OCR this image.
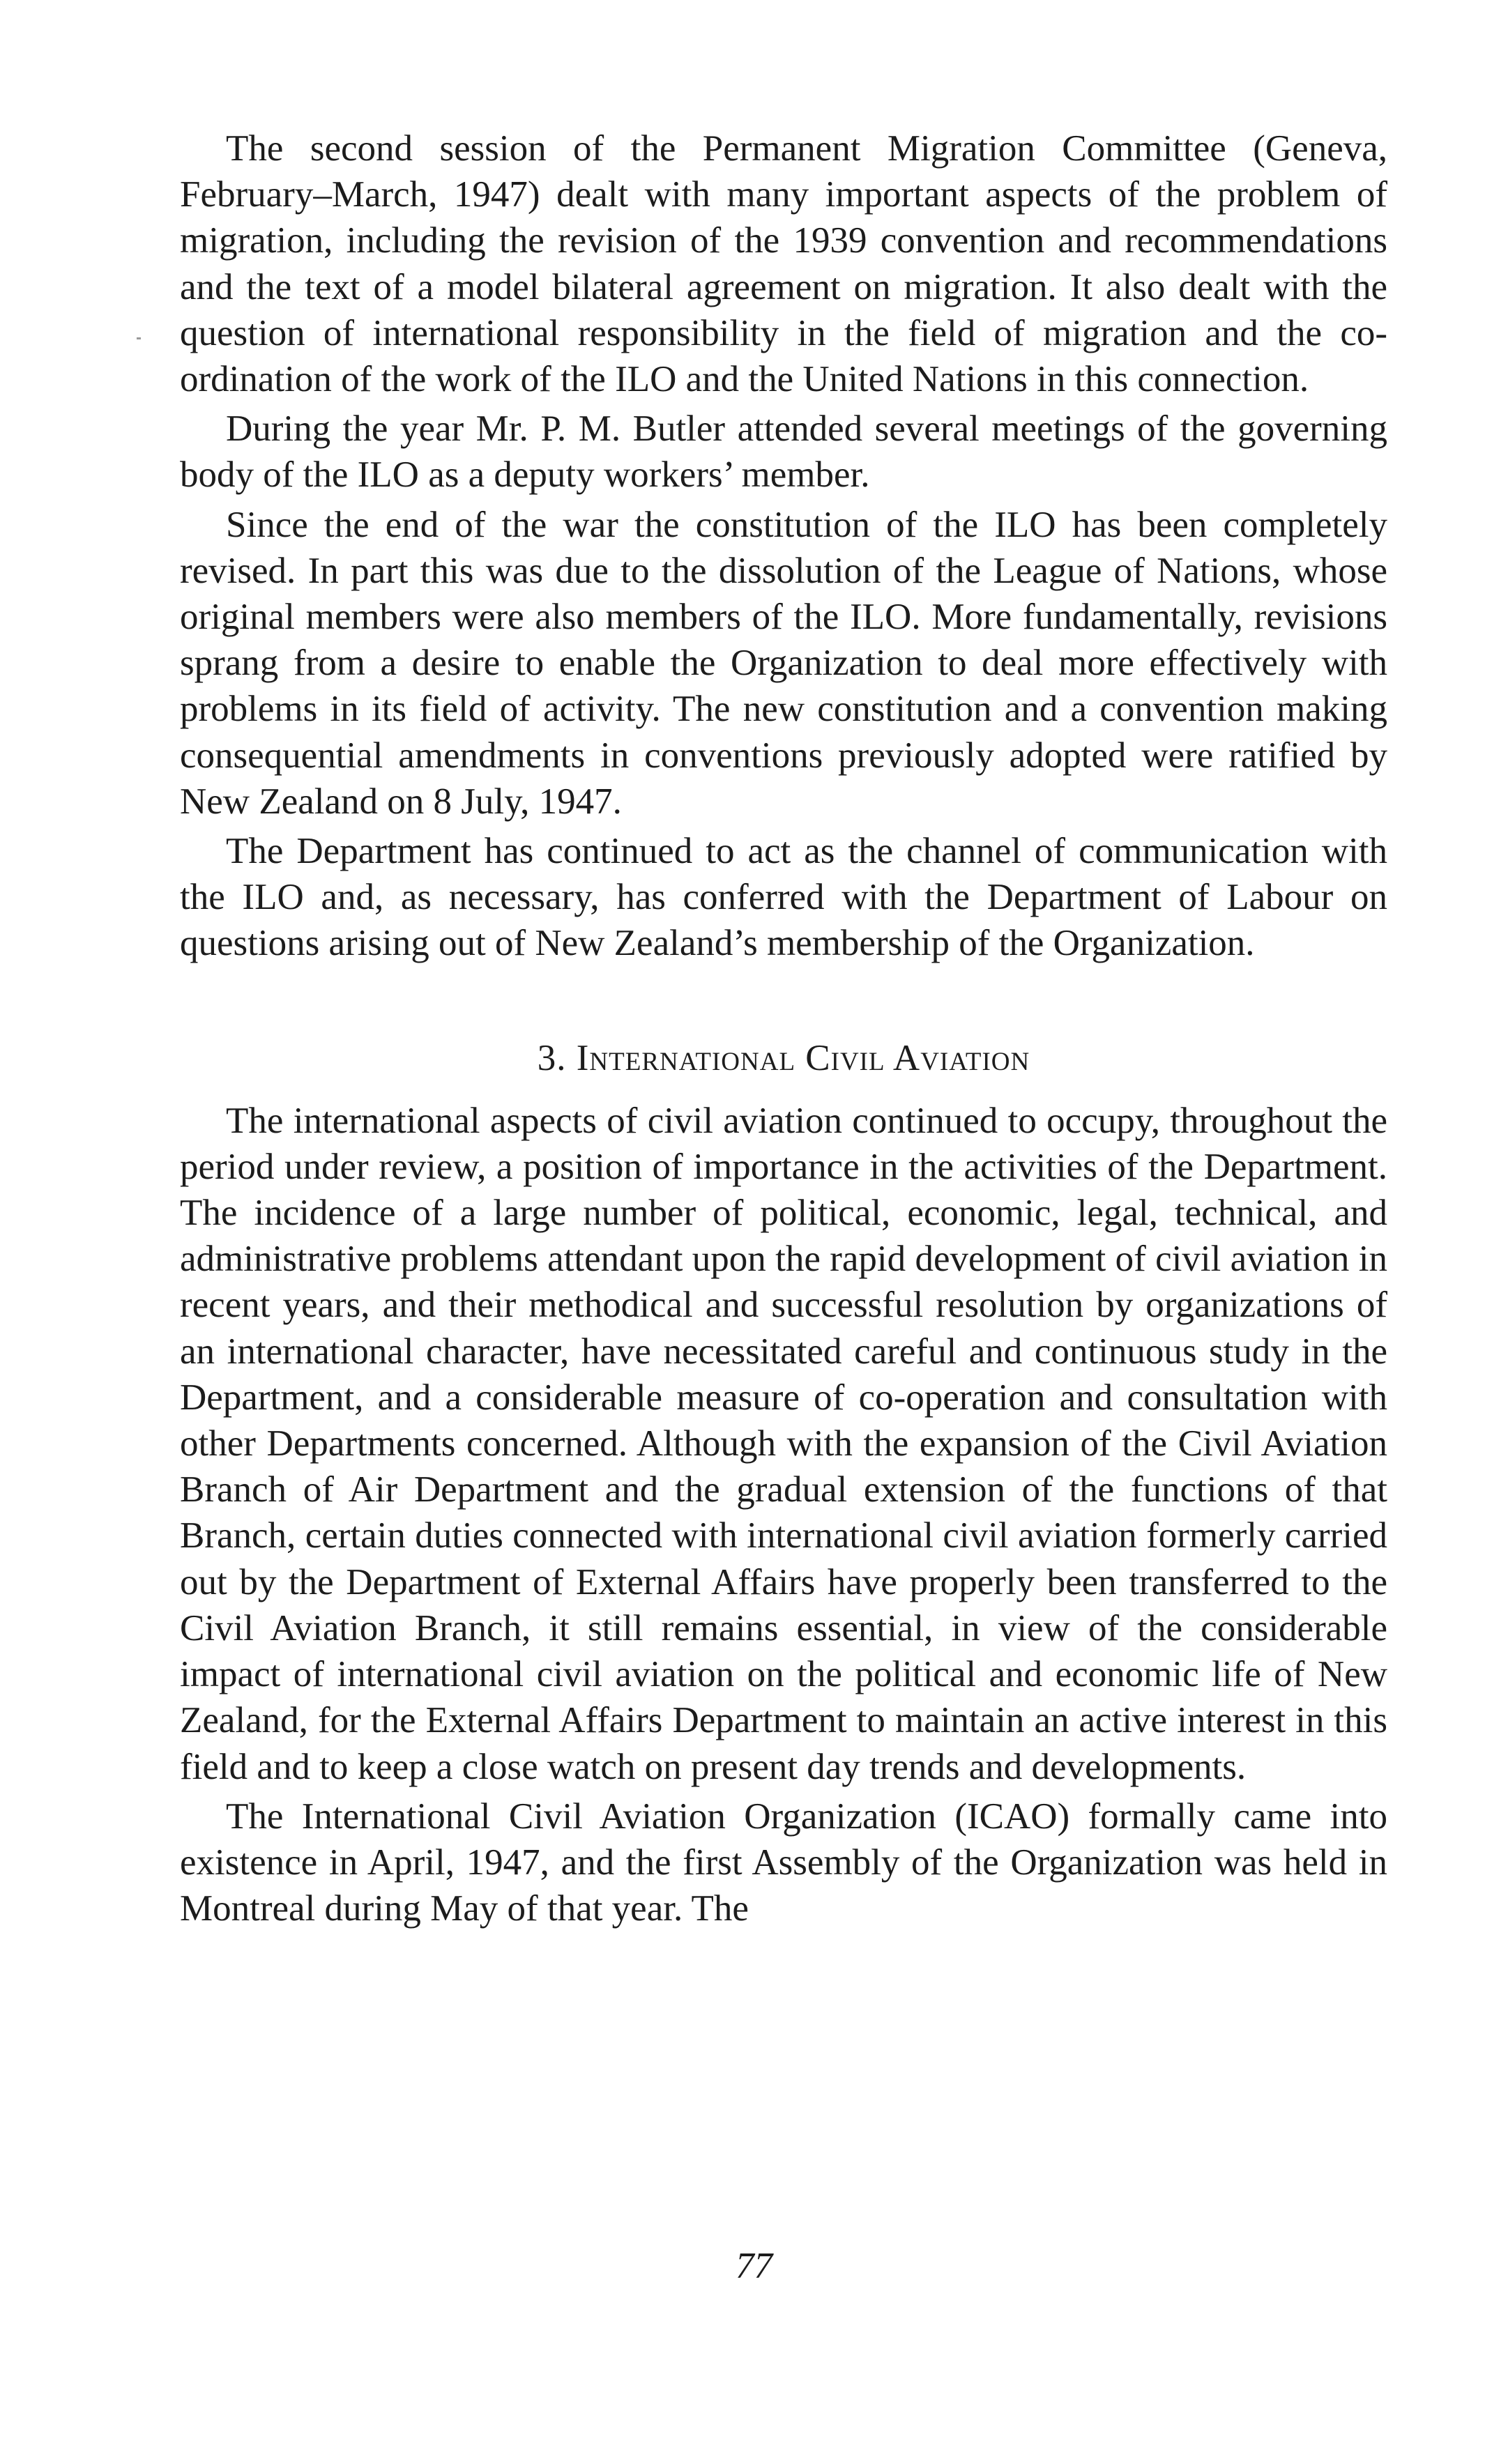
The second session of the Permanent Migration Committee (Geneva, February–March, 1947) dealt with many important aspects of the problem of migration, including the revision of the 1939 convention and recommendations and the text of a model bilateral agreement on migration. It also dealt with the question of international responsibility in the field of migration and the co-ordination of the work of the ILO and the United Nations in this connection.

During the year Mr. P. M. Butler attended several meetings of the governing body of the ILO as a deputy workers’ member.

Since the end of the war the constitution of the ILO has been completely revised. In part this was due to the dissolution of the League of Nations, whose original members were also members of the ILO. More fundamentally, revisions sprang from a desire to enable the Organization to deal more effectively with problems in its field of activity. The new constitution and a convention making consequential amendments in conventions previously adopted were ratified by New Zealand on 8 July, 1947.

The Department has continued to act as the channel of communication with the ILO and, as necessary, has conferred with the Department of Labour on questions arising out of New Zealand’s membership of the Organization.

3. International Civil Aviation

The international aspects of civil aviation continued to occupy, throughout the period under review, a position of importance in the activities of the Department. The incidence of a large number of political, economic, legal, technical, and administrative problems attendant upon the rapid development of civil aviation in recent years, and their methodical and successful resolution by organizations of an international character, have necessitated careful and continuous study in the Department, and a considerable measure of co-operation and consultation with other Departments concerned. Although with the expansion of the Civil Aviation Branch of Air Department and the gradual extension of the functions of that Branch, certain duties connected with international civil aviation formerly carried out by the Department of External Affairs have properly been transferred to the Civil Aviation Branch, it still remains essential, in view of the considerable impact of international civil aviation on the political and economic life of New Zealand, for the External Affairs Department to maintain an active interest in this field and to keep a close watch on present day trends and developments.

The International Civil Aviation Organization (ICAO) formally came into existence in April, 1947, and the first Assembly of the Organization was held in Montreal during May of that year. The

77
